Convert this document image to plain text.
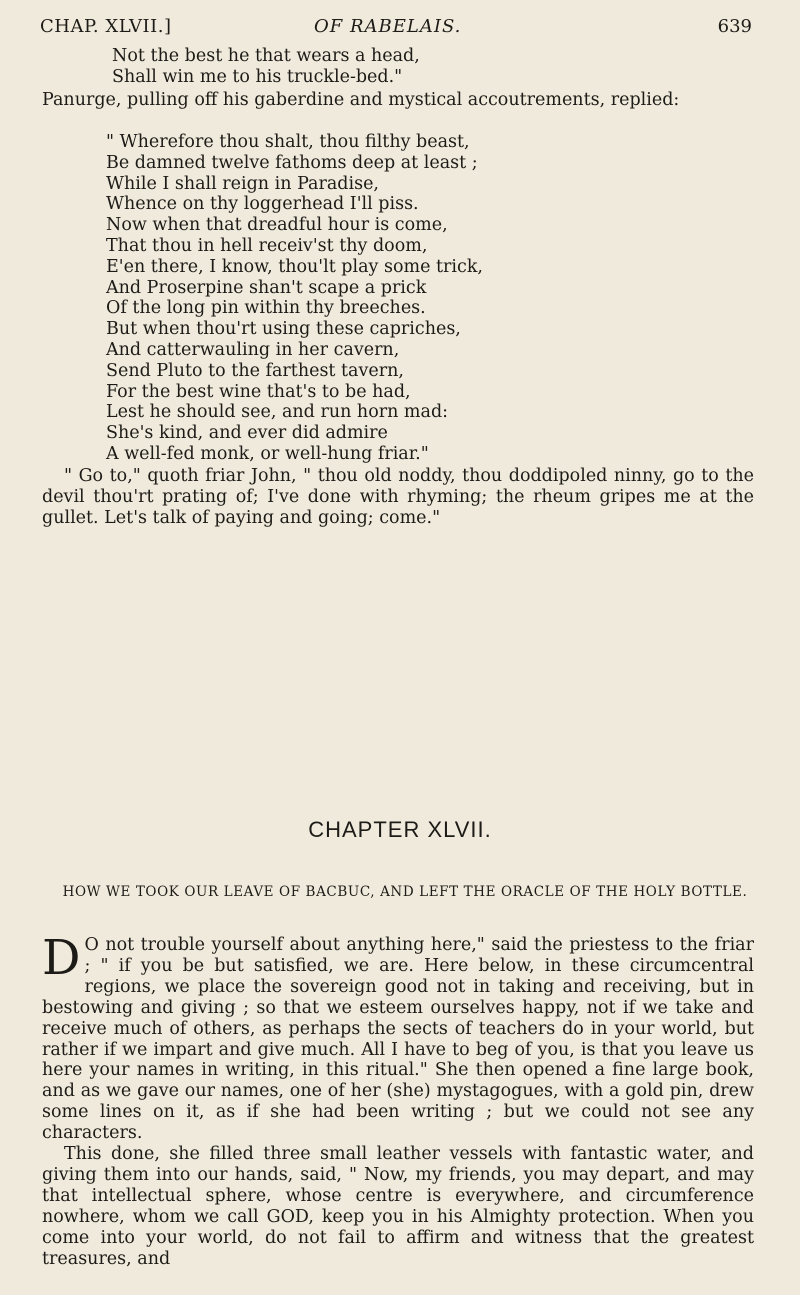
CHAP. XLVII.]	OF RABELAIS.	639
Not the best he that wears a head,
Shall win me to his truckle-bed."

Panurge, pulling off his gaberdine and mystical accoutrements, replied:

" Wherefore thou shalt, thou filthy beast,
Be damned twelve fathoms deep at least ;
While I shall reign in Paradise,
Whence on thy loggerhead I'll piss.
Now when that dreadful hour is come,
That thou in hell receiv'st thy doom,
E'en there, I know, thou'lt play some trick,
And Proserpine shan't scape a prick
Of the long pin within thy breeches.
But when thou'rt using these capriches,
And catterwauling in her cavern,
Send Pluto to the farthest tavern,
For the best wine that's to be had,
Lest he should see, and run horn mad:
She's kind, and ever did admire
A well-fed monk, or well-hung friar."

" Go to," quoth friar John, " thou old noddy, thou doddipoled ninny, go to the devil thou'rt prating of; I've done with rhyming; the rheum gripes me at the gullet. Let's talk of paying and going; come."

CHAPTER XLVII.
HOW WE TOOK OUR LEAVE OF BACBUC, AND LEFT THE ORACLE OF THE HOLY BOTTLE.

D O not trouble yourself about anything here," said the priestess to the friar ; " if you be but satisfied, we are. Here below, in these circumcentral regions, we place the sovereign good not in taking and receiving, but in bestowing and giving ; so that we esteem ourselves happy, not if we take and receive much of others, as perhaps the sects of teachers do in your world, but rather if we impart and give much. All I have to beg of you, is that you leave us here your names in writing, in this ritual." She then opened a fine large book, and as we gave our names, one of her (she) mystagogues, with a gold pin, drew some lines on it, as if she had been writing ; but we could not see any characters.

This done, she filled three small leather vessels with fantastic water, and giving them into our hands, said, " Now, my friends, you may depart, and may that intellectual sphere, whose centre is everywhere, and circumference nowhere, whom we call GOD, keep you in his Almighty protection. When you come into your world, do not fail to affirm and witness that the greatest treasures, and
